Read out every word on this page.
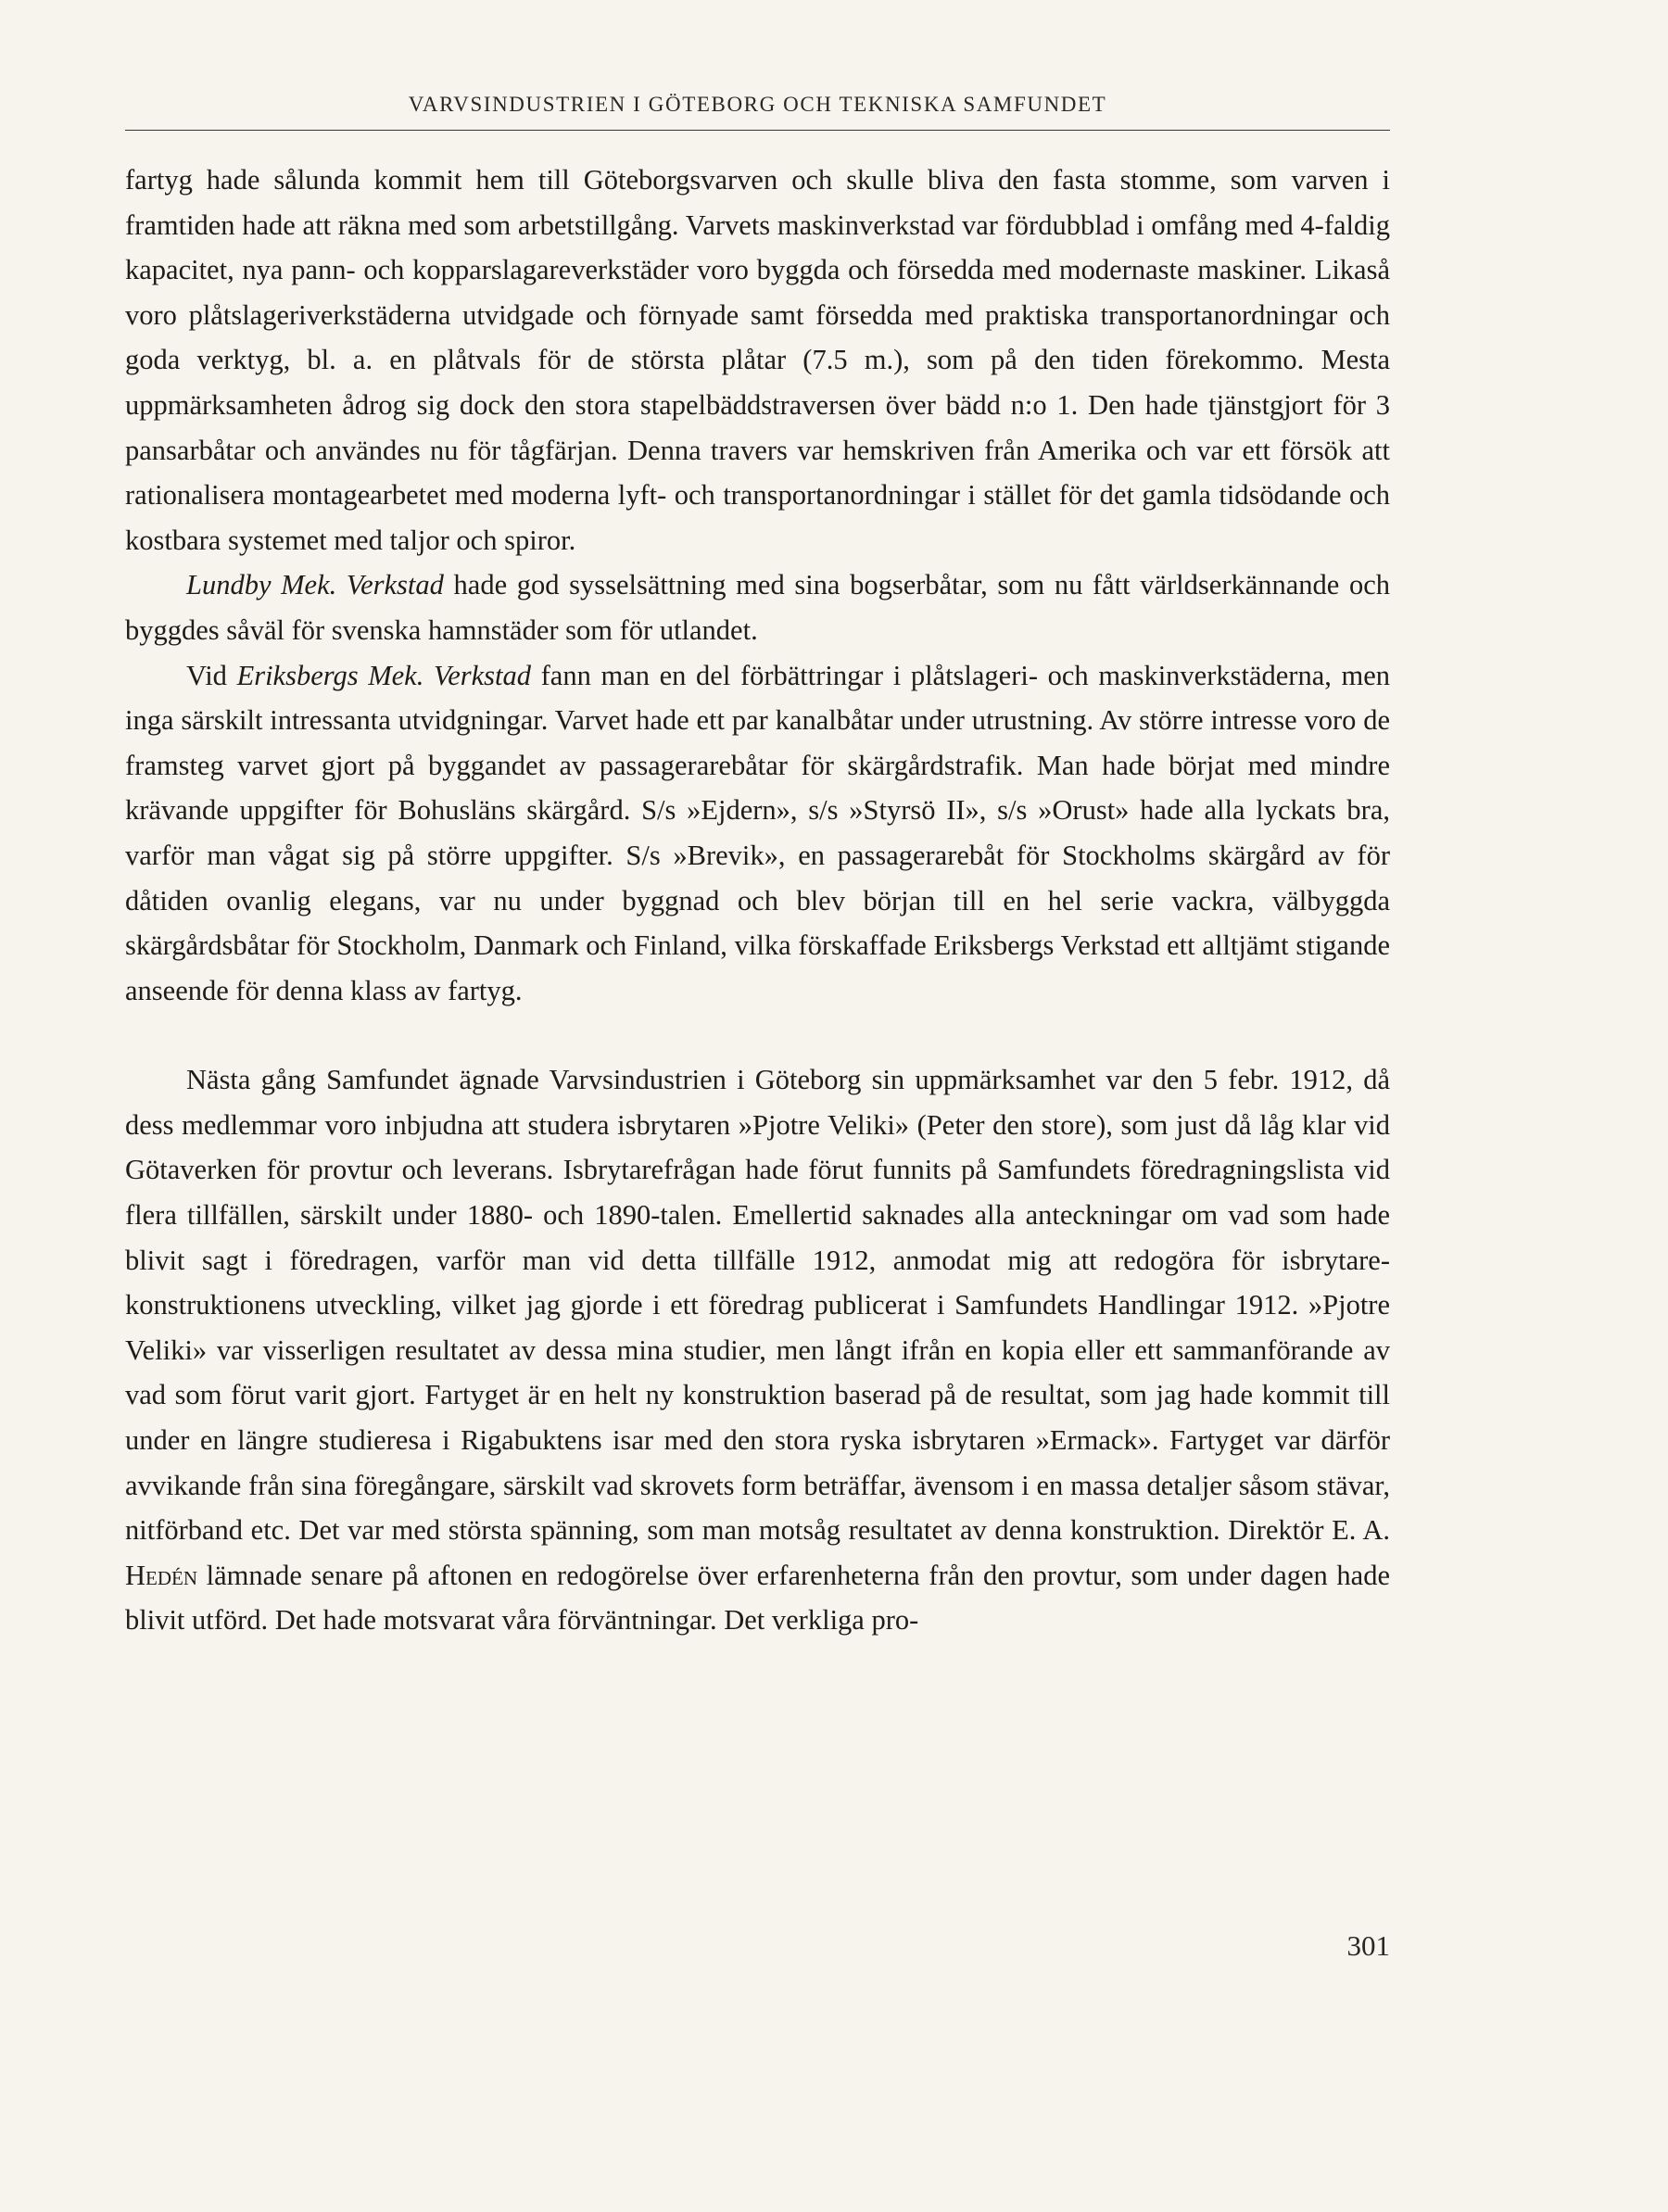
VARVSINDUSTRIEN I GÖTEBORG OCH TEKNISKA SAMFUNDET

fartyg hade sålunda kommit hem till Göteborgsvarven och skulle bliva den fasta stomme, som varven i framtiden hade att räkna med som arbetstillgång. Varvets maskinverkstad var fördubblad i omfång med 4-faldig kapacitet, nya pann- och kopparslagareverkstäder voro byggda och försedda med modernaste maskiner. Likaså voro plåtslageriverkstäderna utvidgade och förnyade samt försedda med praktiska transportanordningar och goda verktyg, bl. a. en plåtvals för de största plåtar (7.5 m.), som på den tiden förekommo. Mesta uppmärksamheten ådrog sig dock den stora stapelbäddstraversen över bädd n:o 1. Den hade tjänstgjort för 3 pansarbåtar och användes nu för tågfärjan. Denna travers var hemskriven från Amerika och var ett försök att rationalisera montagearbetet med moderna lyft- och transportanordningar i stället för det gamla tidsödande och kostbara systemet med taljor och spiror.

Lundby Mek. Verkstad hade god sysselsättning med sina bogserbåtar, som nu fått världserkännande och byggdes såväl för svenska hamnstäder som för utlandet.

Vid Eriksbergs Mek. Verkstad fann man en del förbättringar i plåtslageri- och maskinverkstäderna, men inga särskilt intressanta utvidgningar. Varvet hade ett par kanalbåtar under utrustning. Av större intresse voro de framsteg varvet gjort på byggandet av passagerarebåtar för skärgårdstrafik. Man hade börjat med mindre krävande uppgifter för Bohusläns skärgård. S/s »Ejdern», s/s »Styrsö II», s/s »Orust» hade alla lyckats bra, varför man vågat sig på större uppgifter. S/s »Brevik», en passagerarebåt för Stockholms skärgård av för dåtiden ovanlig elegans, var nu under byggnad och blev början till en hel serie vackra, välbyggda skärgårdsbåtar för Stockholm, Danmark och Finland, vilka förskaffade Eriksbergs Verkstad ett alltjämt stigande anseende för denna klass av fartyg.

Nästa gång Samfundet ägnade Varvsindustrien i Göteborg sin uppmärksamhet var den 5 febr. 1912, då dess medlemmar voro inbjudna att studera isbrytaren »Pjotre Veliki» (Peter den store), som just då låg klar vid Götaverken för provtur och leverans. Isbrytarefrågan hade förut funnits på Samfundets föredragningslista vid flera tillfällen, särskilt under 1880- och 1890-talen. Emellertid saknades alla anteckningar om vad som hade blivit sagt i föredragen, varför man vid detta tillfälle 1912, anmodat mig att redogöra för isbrytarekonstruktionens utveckling, vilket jag gjorde i ett föredrag publicerat i Samfundets Handlingar 1912. »Pjotre Veliki» var visserligen resultatet av dessa mina studier, men långt ifrån en kopia eller ett sammanförande av vad som förut varit gjort. Fartyget är en helt ny konstruktion baserad på de resultat, som jag hade kommit till under en längre studieresa i Rigabuktens isar med den stora ryska isbrytaren »Ermack». Fartyget var därför avvikande från sina föregångare, särskilt vad skrovets form beträffar, ävensom i en massa detaljer såsom stävar, nitförband etc. Det var med största spänning, som man motsåg resultatet av denna konstruktion. Direktör E. A. Hedén lämnade senare på aftonen en redogörelse över erfarenheterna från den provtur, som under dagen hade blivit utförd. Det hade motsvarat våra förväntningar. Det verkliga pro-

301
